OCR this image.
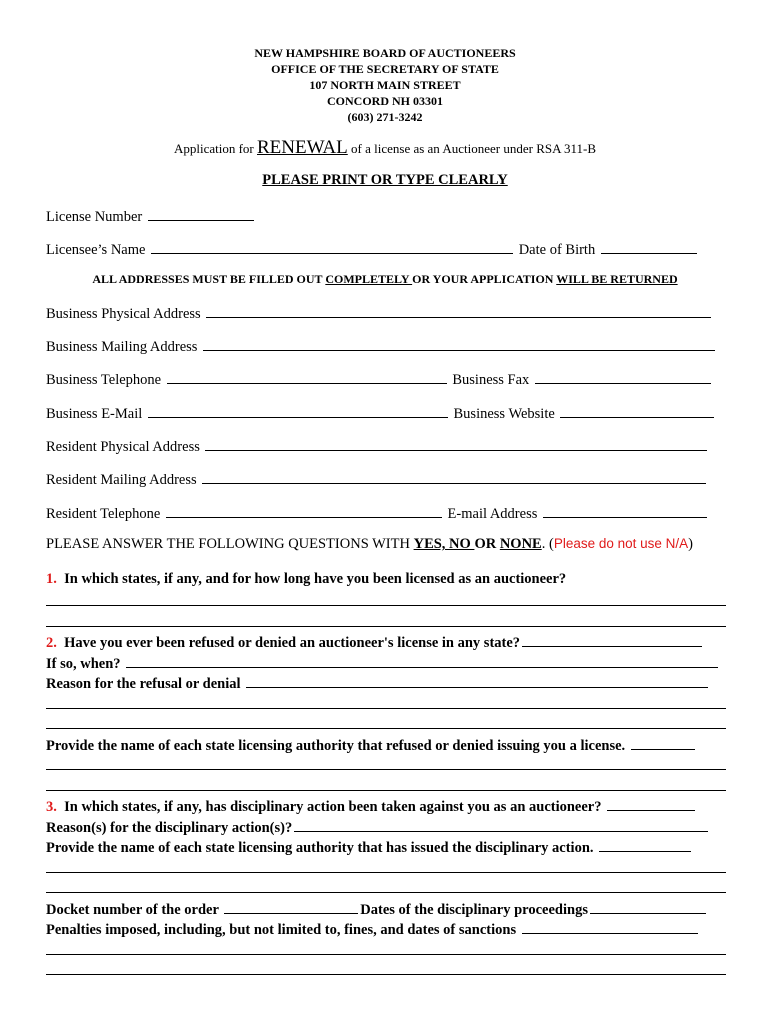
NEW HAMPSHIRE BOARD OF AUCTIONEERS
OFFICE OF THE SECRETARY OF STATE
107 NORTH MAIN STREET
CONCORD NH 03301
(603) 271-3242
Application for RENEWAL of a license as an Auctioneer under RSA 311-B
PLEASE PRINT OR TYPE CLEARLY
License Number
Licensee’s Name	Date of Birth
ALL ADDRESSES MUST BE FILLED OUT COMPLETELY OR YOUR APPLICATION WILL BE RETURNED
Business Physical Address
Business Mailing Address
Business Telephone	Business Fax
Business E-Mail	Business Website
Resident Physical Address
Resident Mailing Address
Resident Telephone	E-mail Address
PLEASE ANSWER THE FOLLOWING QUESTIONS WITH YES, NO OR NONE. (Please do not use N/A)
1. In which states, if any, and for how long have you been licensed as an auctioneer?
2. Have you ever been refused or denied an auctioneer's license in any state?
If so, when?
Reason for the refusal or denial
Provide the name of each state licensing authority that refused or denied issuing you a license.
3. In which states, if any, has disciplinary action been taken against you as an auctioneer?
Reason(s) for the disciplinary action(s)?
Provide the name of each state licensing authority that has issued the disciplinary action.
Docket number of the order	Dates of the disciplinary proceedings
Penalties imposed, including, but not limited to, fines, and dates of sanctions
